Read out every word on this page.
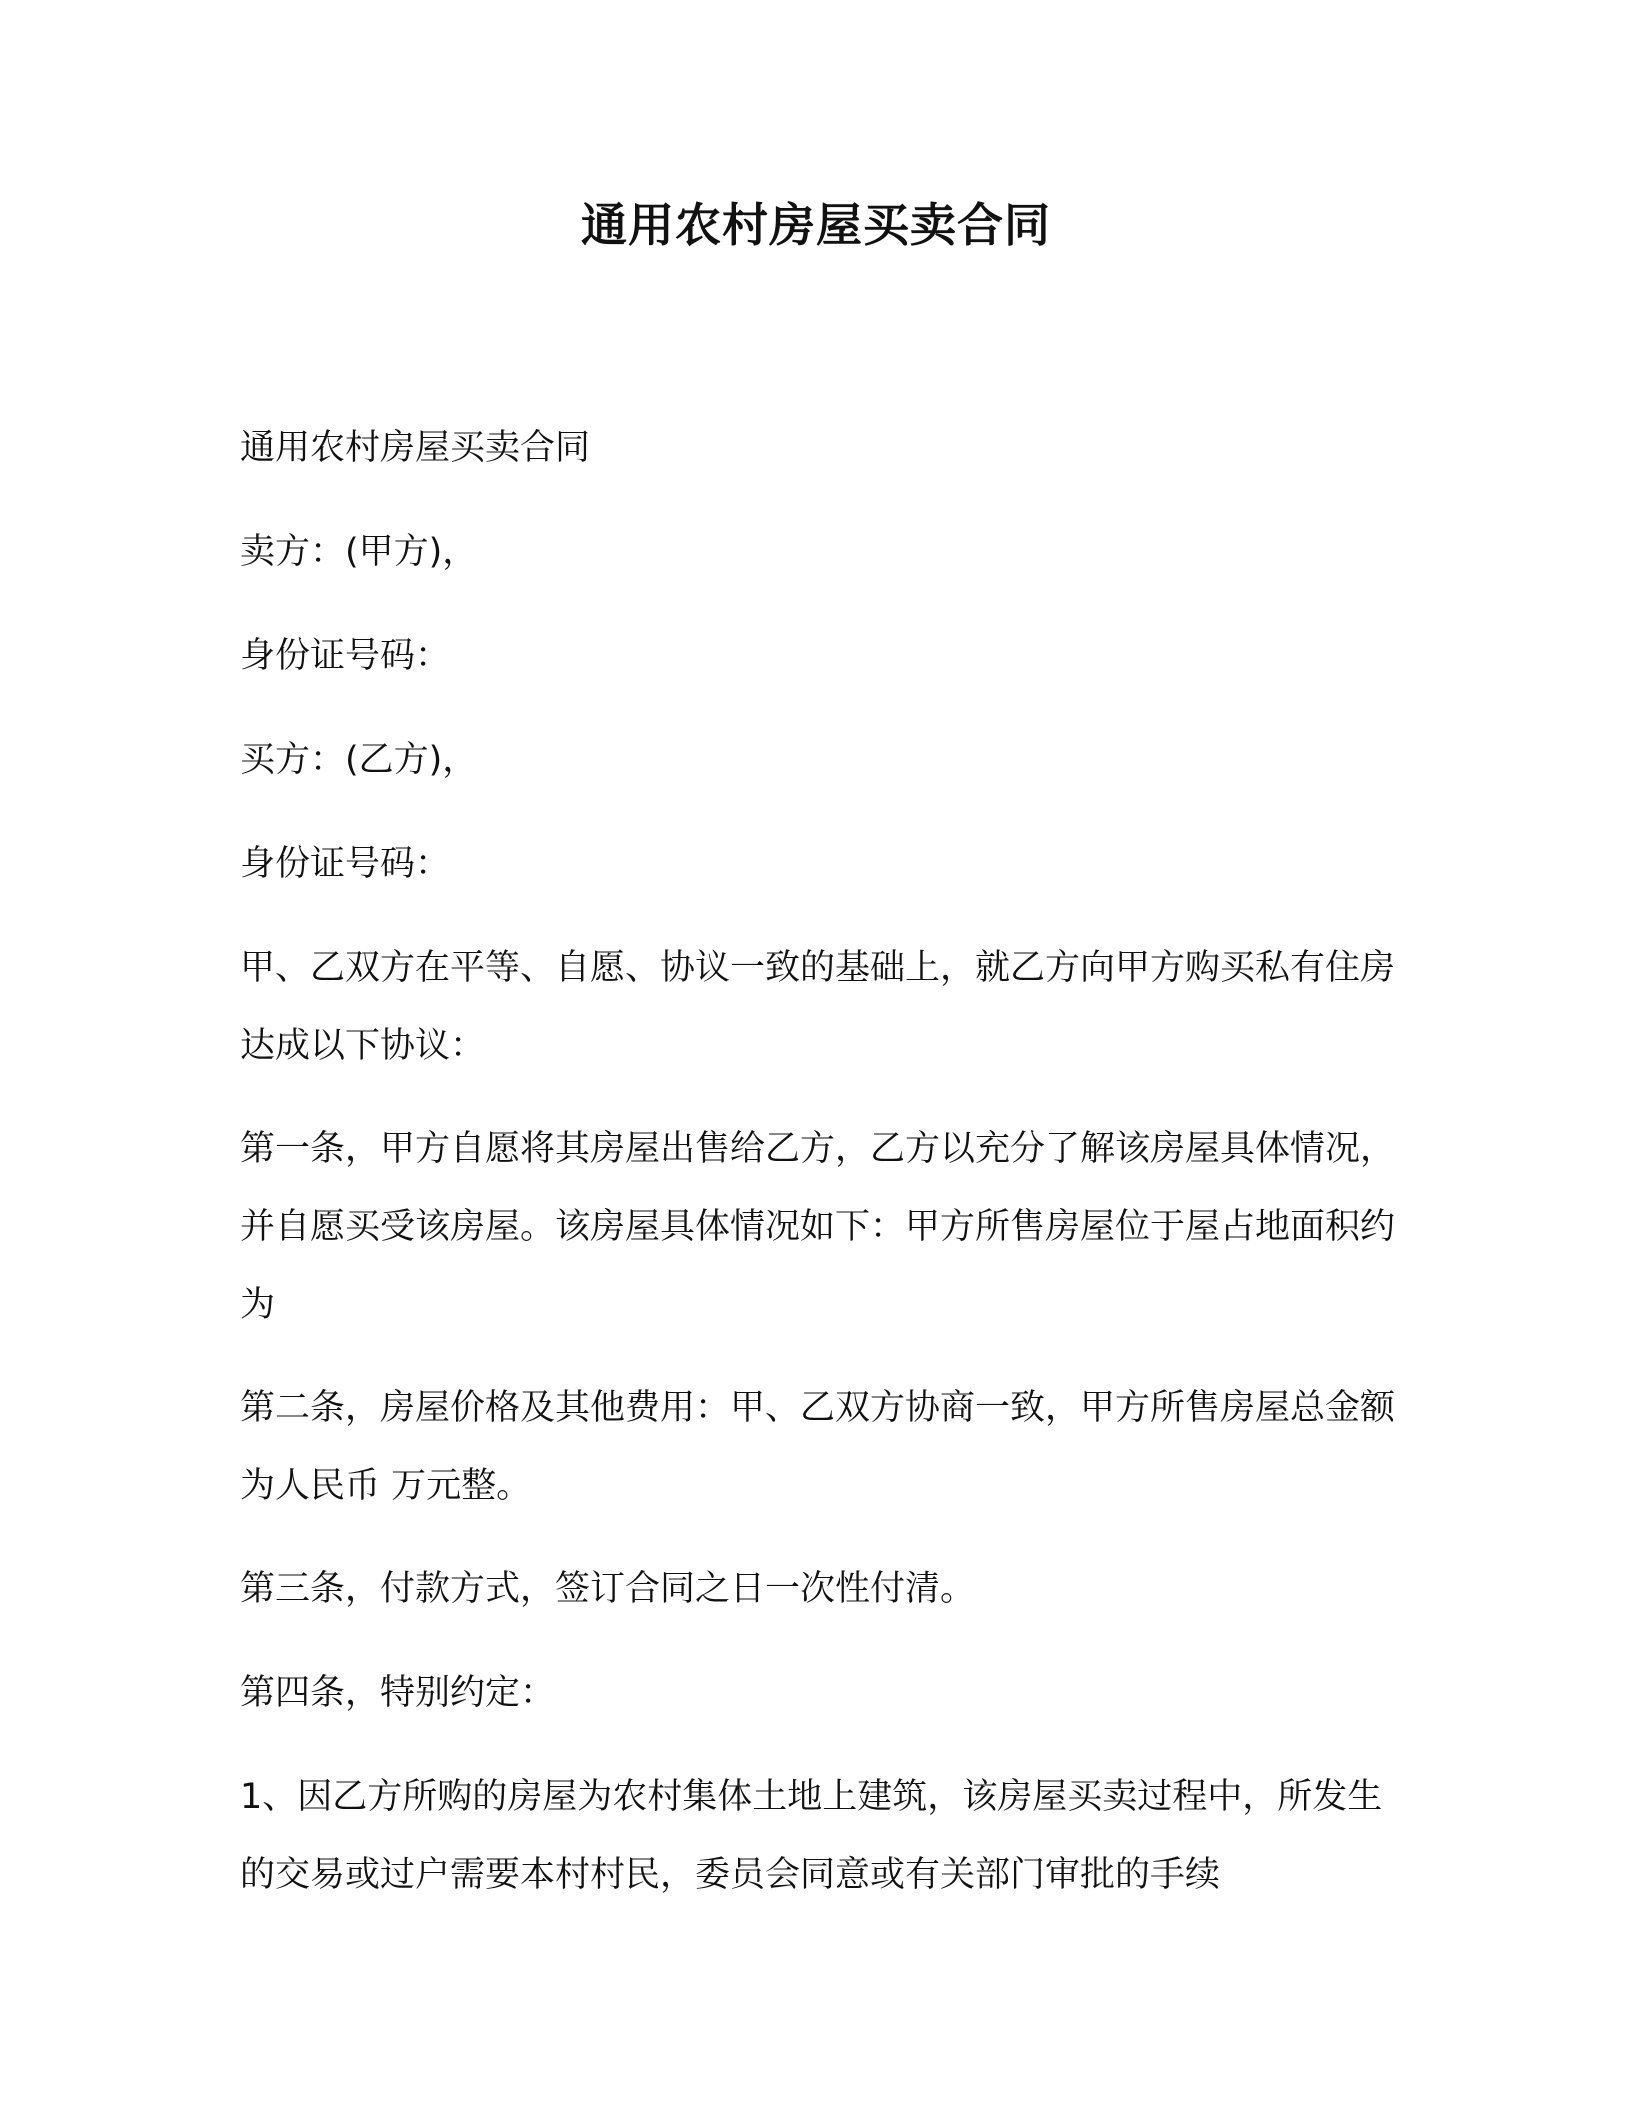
通用农村房屋买卖合同

通用农村房屋买卖合同

卖方：(甲方)，

身份证号码：

买方：(乙方)，

身份证号码：

甲、乙双方在平等、自愿、协议一致的基础上，就乙方向甲方购买私有住房达成以下协议：

第一条，甲方自愿将其房屋出售给乙方，乙方以充分了解该房屋具体情况，并自愿买受该房屋。该房屋具体情况如下：甲方所售房屋位于屋占地面积约为

第二条，房屋价格及其他费用：甲、乙双方协商一致，甲方所售房屋总金额为人民币 万元整。

第三条，付款方式，签订合同之日一次性付清。

第四条，特别约定：

1、因乙方所购的房屋为农村集体土地上建筑，该房屋买卖过程中，所发生的交易或过户需要本村村民，委员会同意或有关部门审批的手续
